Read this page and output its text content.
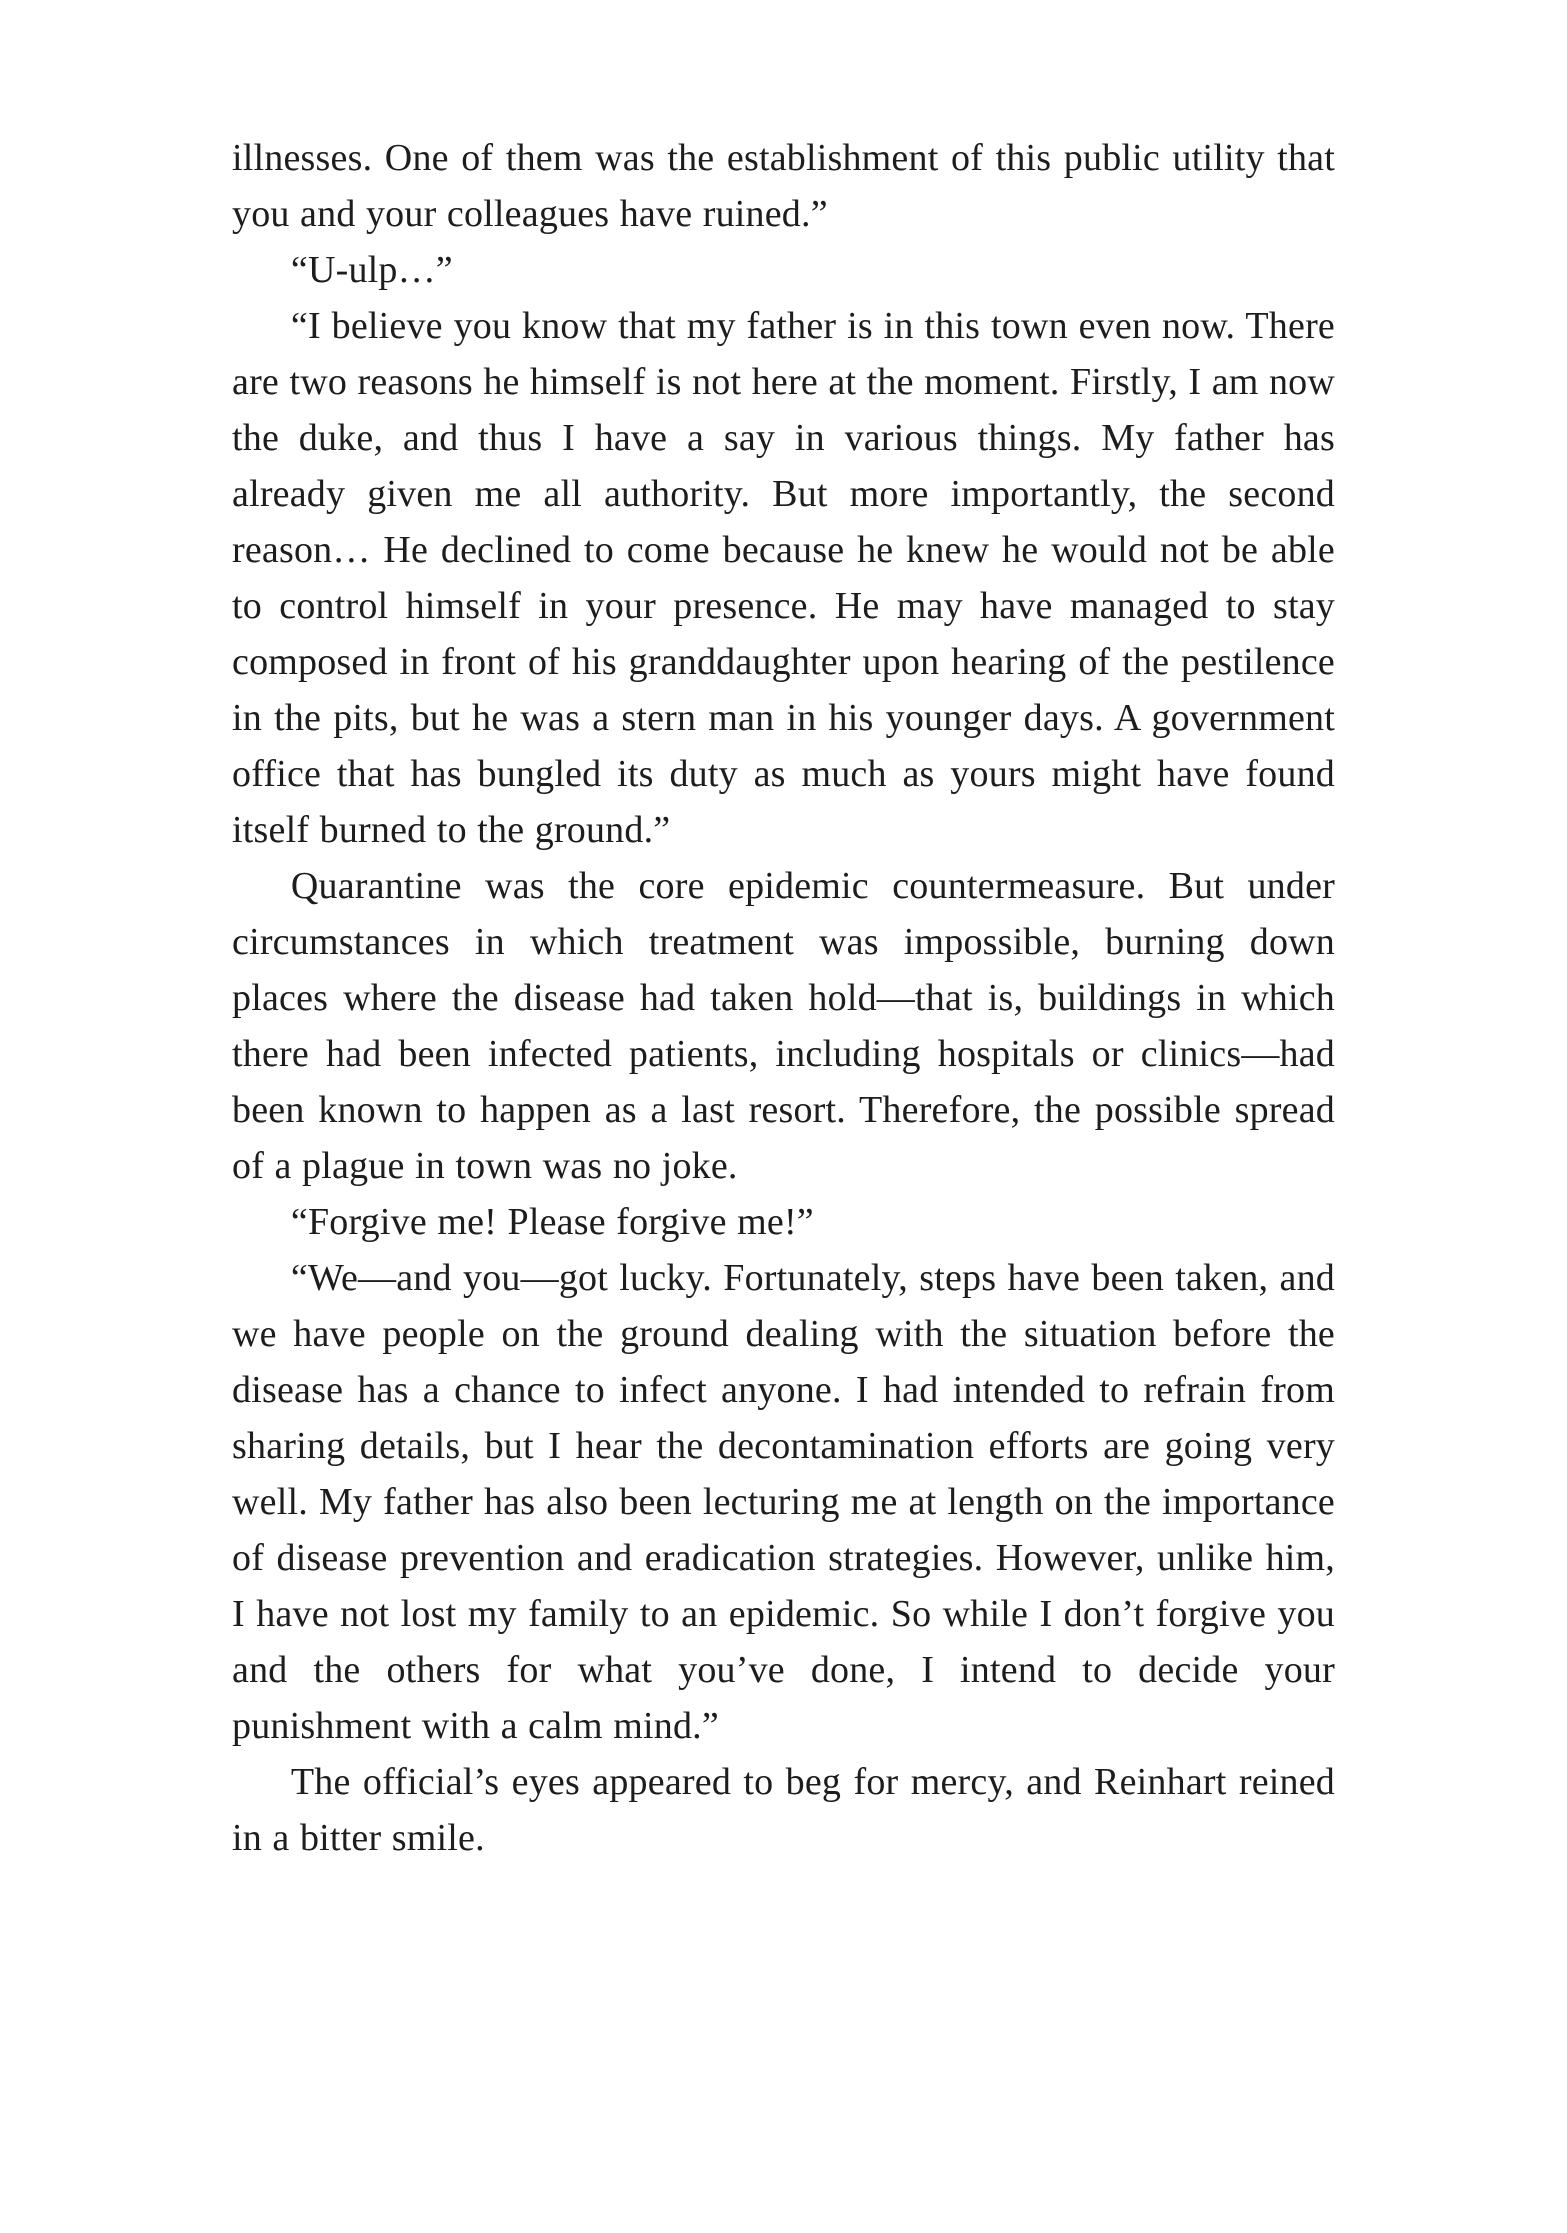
illnesses. One of them was the establishment of this public utility that you and your colleagues have ruined.”

“U-ulp…”

“I believe you know that my father is in this town even now. There are two reasons he himself is not here at the moment. Firstly, I am now the duke, and thus I have a say in various things. My father has already given me all authority. But more importantly, the second reason… He declined to come because he knew he would not be able to control himself in your presence. He may have managed to stay composed in front of his granddaughter upon hearing of the pestilence in the pits, but he was a stern man in his younger days. A government office that has bungled its duty as much as yours might have found itself burned to the ground.”

Quarantine was the core epidemic countermeasure. But under circumstances in which treatment was impossible, burning down places where the disease had taken hold—that is, buildings in which there had been infected patients, including hospitals or clinics—had been known to happen as a last resort. Therefore, the possible spread of a plague in town was no joke.

“Forgive me! Please forgive me!”

“We—and you—got lucky. Fortunately, steps have been taken, and we have people on the ground dealing with the situation before the disease has a chance to infect anyone. I had intended to refrain from sharing details, but I hear the decontamination efforts are going very well. My father has also been lecturing me at length on the importance of disease prevention and eradication strategies. However, unlike him, I have not lost my family to an epidemic. So while I don’t forgive you and the others for what you’ve done, I intend to decide your punishment with a calm mind.”

The official’s eyes appeared to beg for mercy, and Reinhart reined in a bitter smile.
